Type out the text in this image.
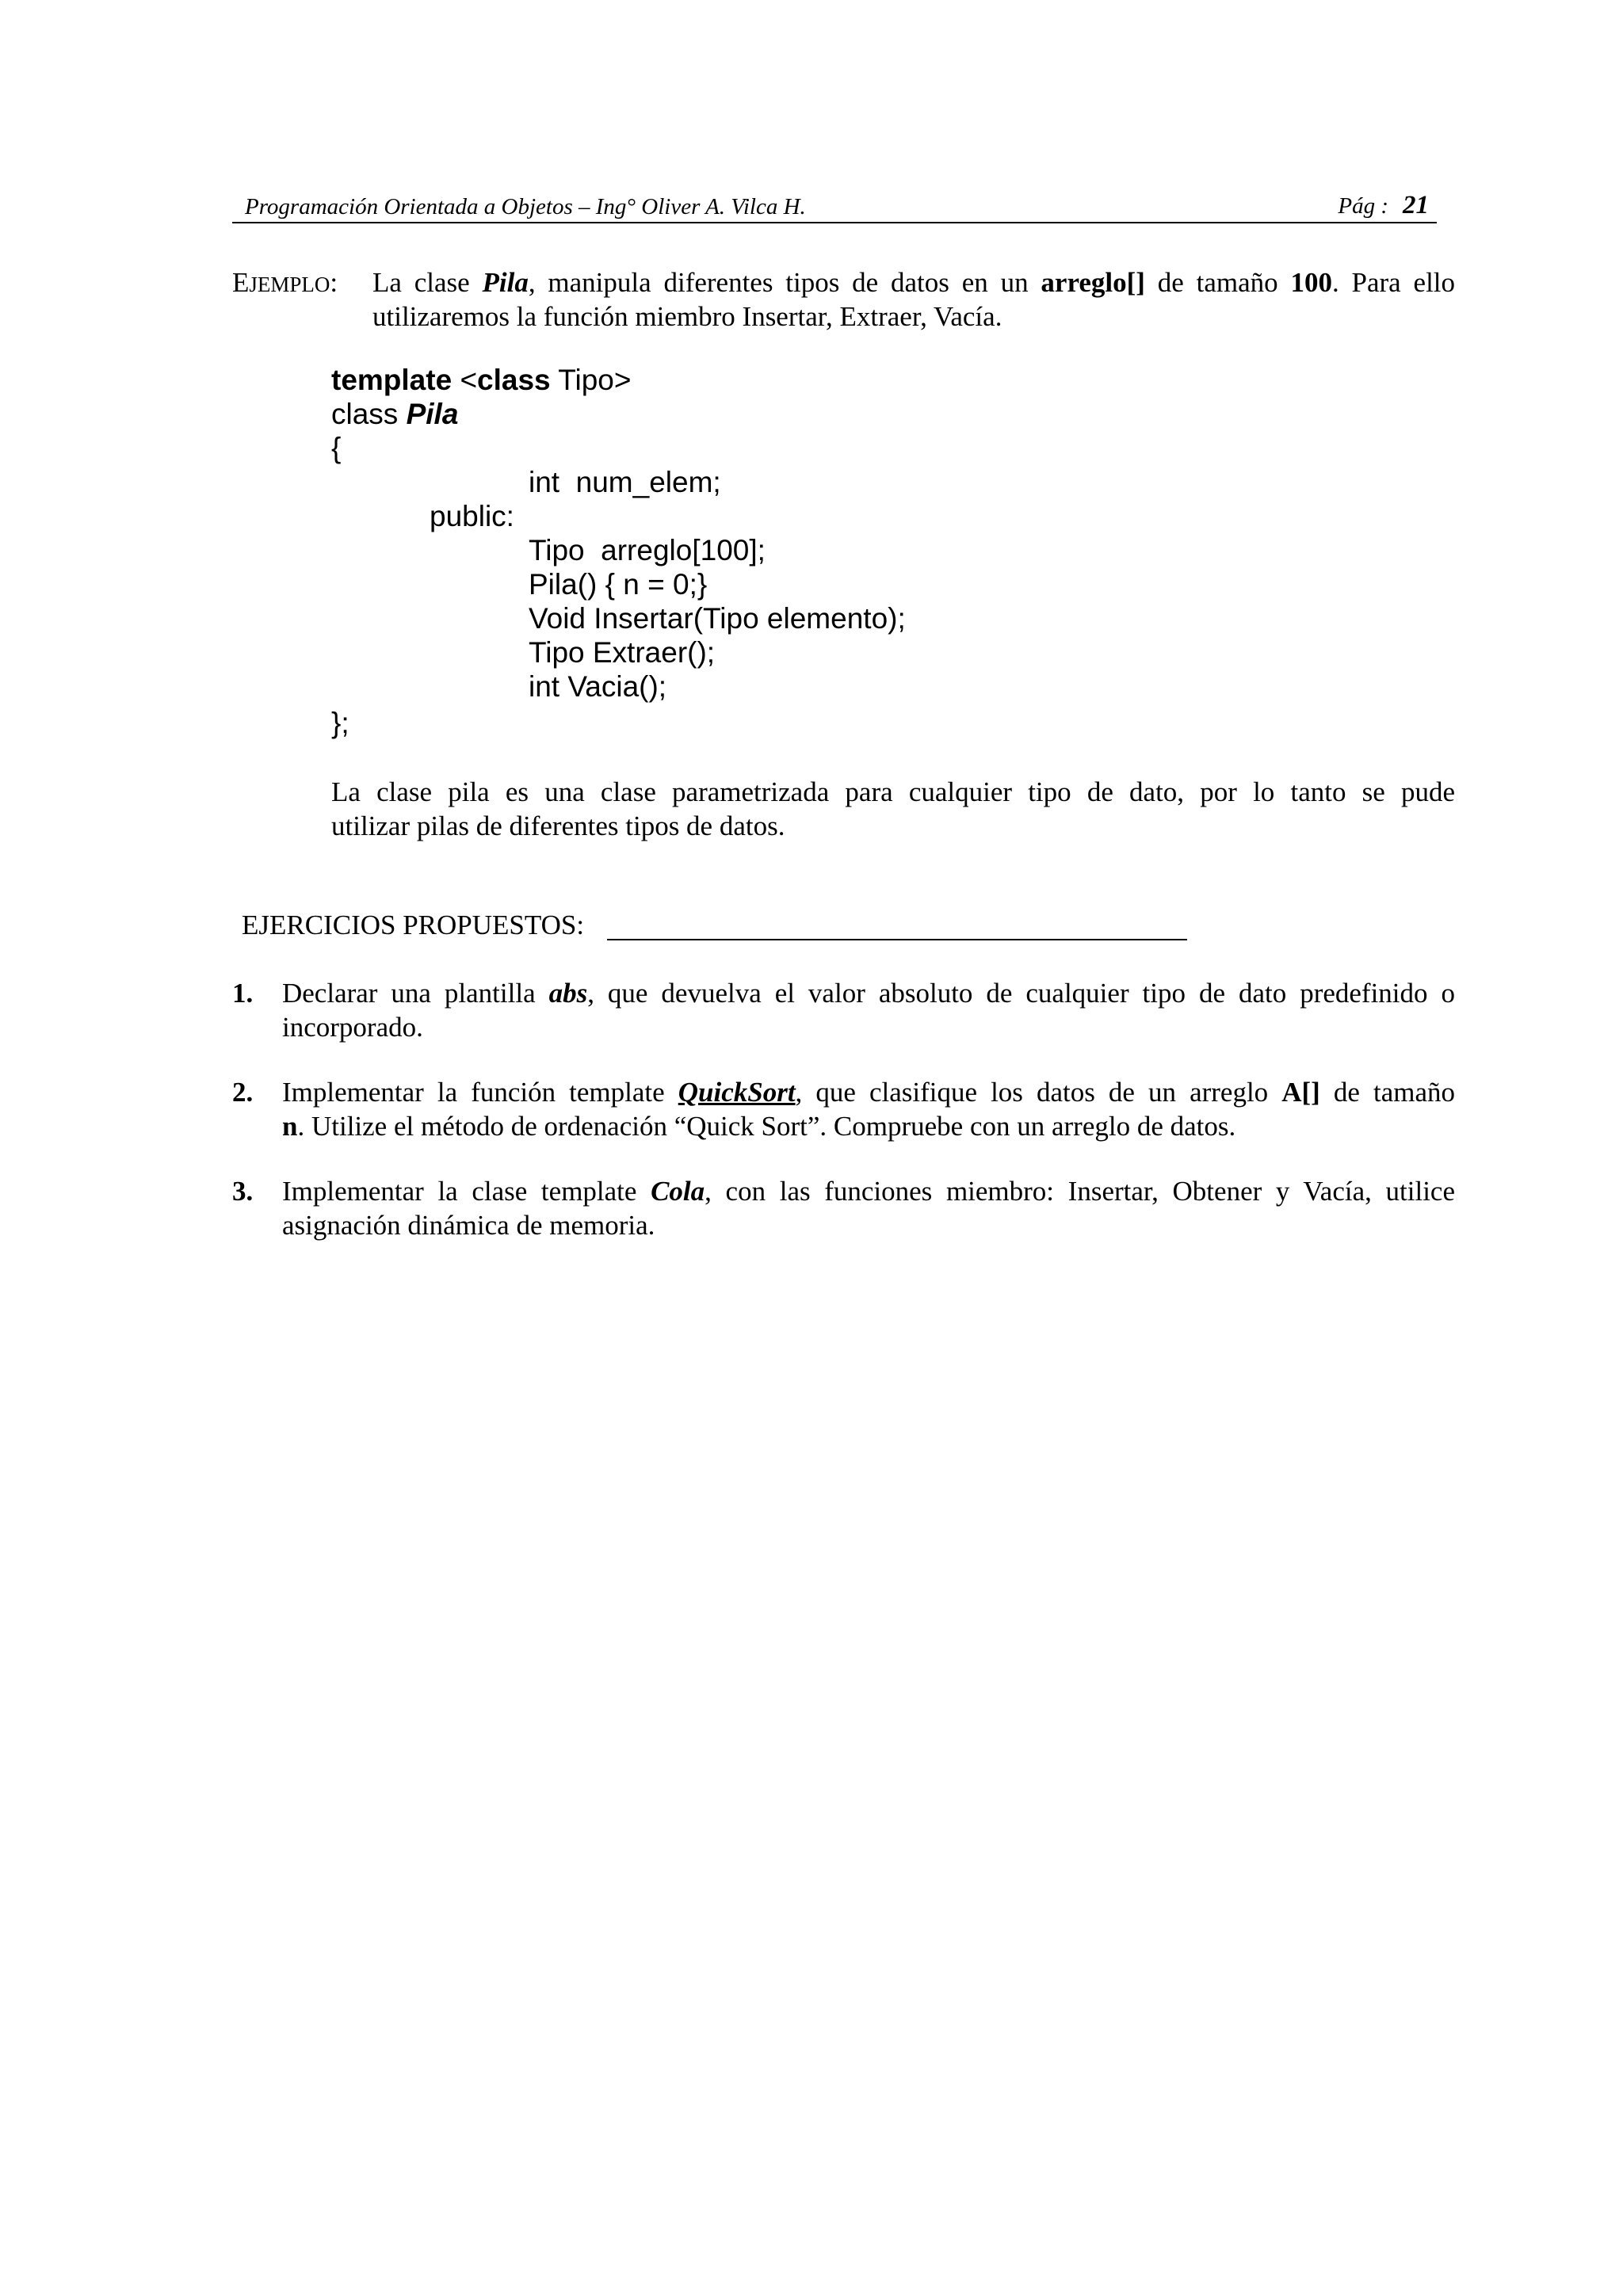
Programación Orientada a Objetos – Ing° Oliver A. Vilca H.	Pág : 21
EJEMPLO: La clase Pila, manipula diferentes tipos de datos en un arreglo[] de tamaño 100. Para ello
utilizaremos la función miembro Insertar, Extraer, Vacía.
template <class Tipo>
class Pila
{
int  num_elem;
public:
Tipo  arreglo[100];
Pila() { n = 0;}
Void Insertar(Tipo elemento);
Tipo Extraer();
int Vacia();
};
La clase pila es una clase parametrizada para cualquier tipo de dato, por lo tanto se pude
utilizar pilas de diferentes tipos de datos.
EJERCICIOS PROPUESTOS:
1. Declarar una plantilla abs, que devuelva el valor absoluto de cualquier tipo de dato predefinido o
incorporado.
2. Implementar la función template QuickSort, que clasifique los datos de un arreglo A[] de tamaño
n. Utilize el método de ordenación “Quick Sort”. Compruebe con un arreglo de datos.
3. Implementar la clase template Cola, con las funciones miembro: Insertar, Obtener y Vacía, utilice
asignación dinámica de memoria.
